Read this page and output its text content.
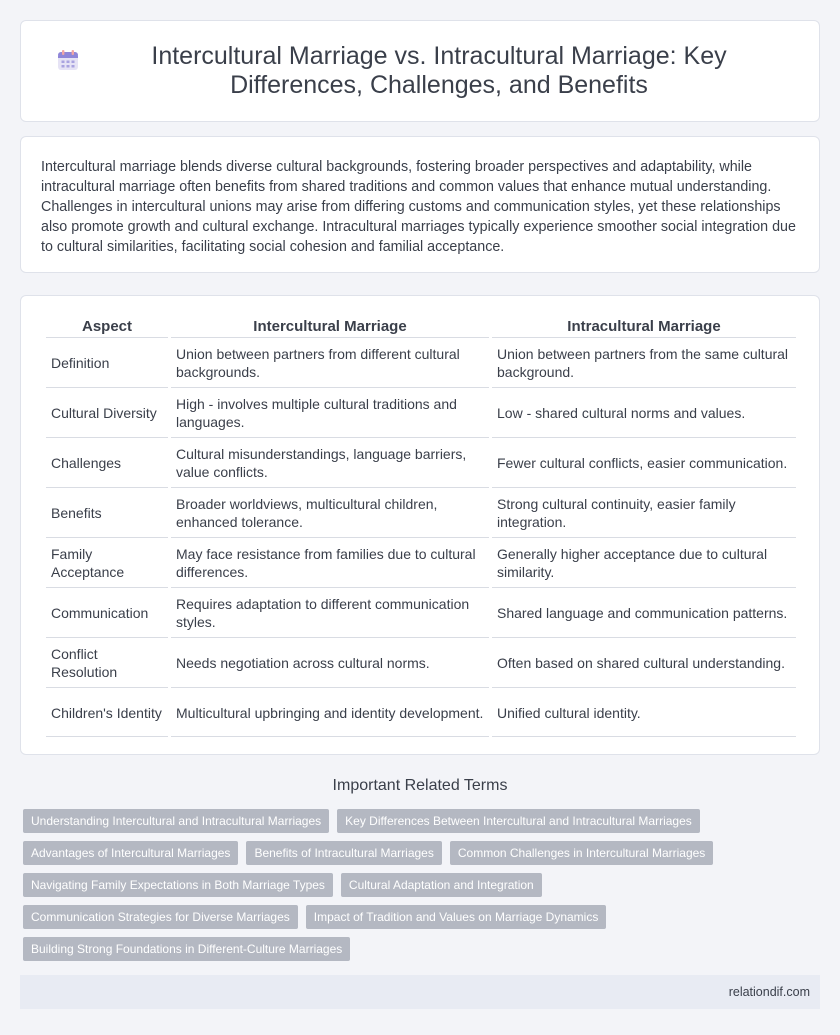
Intercultural Marriage vs. Intracultural Marriage: Key Differences, Challenges, and Benefits

Intercultural marriage blends diverse cultural backgrounds, fostering broader perspectives and adaptability, while intracultural marriage often benefits from shared traditions and common values that enhance mutual understanding. Challenges in intercultural unions may arise from differing customs and communication styles, yet these relationships also promote growth and cultural exchange. Intracultural marriages typically experience smoother social integration due to cultural similarities, facilitating social cohesion and familial acceptance.

Aspect	Intercultural Marriage	Intracultural Marriage
Definition	Union between partners from different cultural backgrounds.	Union between partners from the same cultural background.
Cultural Diversity	High - involves multiple cultural traditions and languages.	Low - shared cultural norms and values.
Challenges	Cultural misunderstandings, language barriers, value conflicts.	Fewer cultural conflicts, easier communication.
Benefits	Broader worldviews, multicultural children, enhanced tolerance.	Strong cultural continuity, easier family integration.
Family Acceptance	May face resistance from families due to cultural differences.	Generally higher acceptance due to cultural similarity.
Communication	Requires adaptation to different communication styles.	Shared language and communication patterns.
Conflict Resolution	Needs negotiation across cultural norms.	Often based on shared cultural understanding.
Children's Identity	Multicultural upbringing and identity development.	Unified cultural identity.
Important Related Terms
Understanding Intercultural and Intracultural Marriages	Key Differences Between Intercultural and Intracultural Marriages
Advantages of Intercultural Marriages	Benefits of Intracultural Marriages	Common Challenges in Intercultural Marriages
Navigating Family Expectations in Both Marriage Types	Cultural Adaptation and Integration
Communication Strategies for Diverse Marriages	Impact of Tradition and Values on Marriage Dynamics
Building Strong Foundations in Different-Culture Marriages
relationdif.com
